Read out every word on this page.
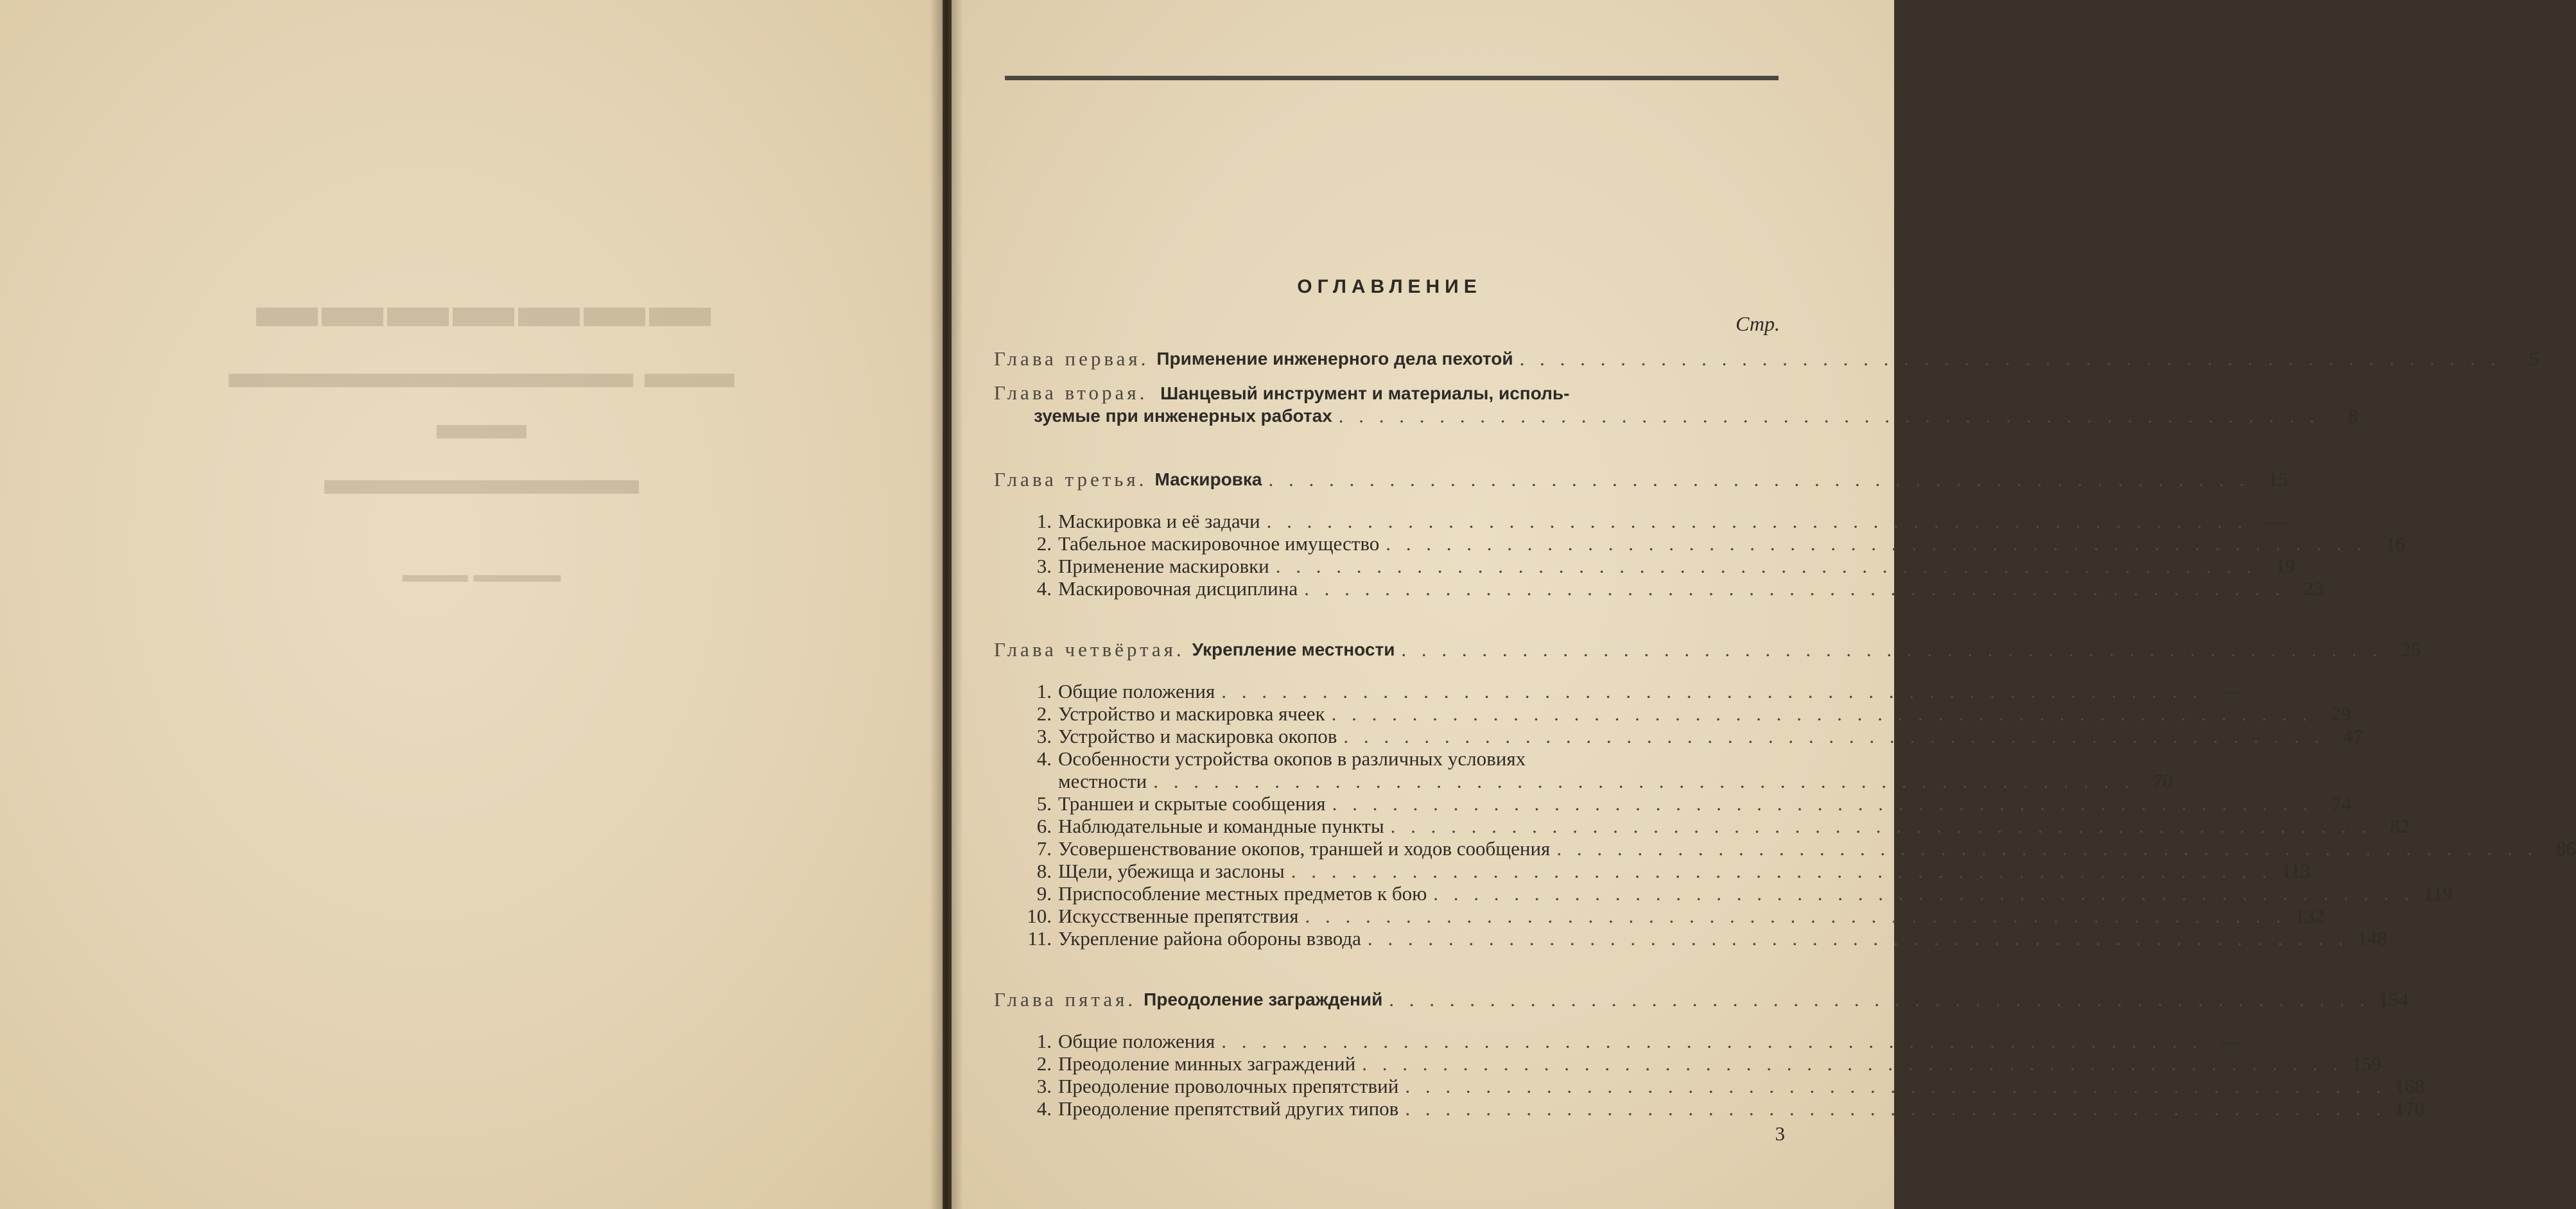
▬▬▬▬▬▬▬
▬▬ ▬▬▬▬▬▬▬▬▬ ▬▬
▬▬▬▬▬▬▬
▬▬▬▬ ▬▬▬
ОГЛАВЛЕНИЕ
Стр.
Глава первая. Применение инженерного дела пехотой . . . . . . . . . . . . . . . . . . . . . . . . . . . . . . . . . . . . . . . . . . . . . . . . .	5
Глава вторая. Шанцевый инструмент и материалы, исполь-
зуемые при инженерных работах . . . . . . . . . . . . . . . . . . . . . . . . . . . . . . . . . . . . . . . . . . . . . . . . .	8
Глава третья. Маскировка . . . . . . . . . . . . . . . . . . . . . . . . . . . . . . . . . . . . . . . . . . . . . . . . . 15
1. Маскировка и её задачи . . . . . . . . . . . . . . . . . . . . . . . . . . . . . . . . . . . . . . . . . . . . . . . . . —
2. Табельное маскировочное имущество . . . . . . . . . . . . . . . . . . . . . . . . . . . . . . . . . . . . . . . . . . . . . . . . . 16
3. Применение маскировки . . . . . . . . . . . . . . . . . . . . . . . . . . . . . . . . . . . . . . . . . . . . . . . . . 19
4. Маскировочная дисциплина . . . . . . . . . . . . . . . . . . . . . . . . . . . . . . . . . . . . . . . . . . . . . . . . . 23
Глава четвёртая. Укрепление местности . . . . . . . . . . . . . . . . . . . . . . . . . . . . . . . . . . . . . . . . . . . . . . . . . 25
1. Общие положения . . . . . . . . . . . . . . . . . . . . . . . . . . . . . . . . . . . . . . . . . . . . . . . . . —
2. Устройство и маскировка ячеек . . . . . . . . . . . . . . . . . . . . . . . . . . . . . . . . . . . . . . . . . . . . . . . . . 29
3. Устройство и маскировка окопов . . . . . . . . . . . . . . . . . . . . . . . . . . . . . . . . . . . . . . . . . . . . . . . . . 47
4. Особенности устройства окопов в различных условиях
местности . . . . . . . . . . . . . . . . . . . . . . . . . . . . . . . . . . . . . . . . . . . . . . . . . 70
5. Траншеи и скрытые сообщения . . . . . . . . . . . . . . . . . . . . . . . . . . . . . . . . . . . . . . . . . . . . . . . . . 74
6. Наблюдательные и командные пункты . . . . . . . . . . . . . . . . . . . . . . . . . . . . . . . . . . . . . . . . . . . . . . . . . 82
7. Усовершенствование окопов, траншей и ходов сообщения . . . . . . . . . . . . . . . . . . . . . . . . . . . . . . . . . . . . . . . . . . . . . . . . . 86
8. Щели, убежища и заслоны . . . . . . . . . . . . . . . . . . . . . . . . . . . . . . . . . . . . . . . . . . . . . . . . . 113
9. Приспособление местных предметов к бою . . . . . . . . . . . . . . . . . . . . . . . . . . . . . . . . . . . . . . . . . . . . . . . . . 119
10. Искусственные препятствия . . . . . . . . . . . . . . . . . . . . . . . . . . . . . . . . . . . . . . . . . . . . . . . . . 132
11. Укрепление района обороны взвода . . . . . . . . . . . . . . . . . . . . . . . . . . . . . . . . . . . . . . . . . . . . . . . . . 148
Глава пятая. Преодоление заграждений . . . . . . . . . . . . . . . . . . . . . . . . . . . . . . . . . . . . . . . . . . . . . . . . . 154
1. Общие положения . . . . . . . . . . . . . . . . . . . . . . . . . . . . . . . . . . . . . . . . . . . . . . . . . —
2. Преодоление минных заграждений . . . . . . . . . . . . . . . . . . . . . . . . . . . . . . . . . . . . . . . . . . . . . . . . . 159
3. Преодоление проволочных препятствий . . . . . . . . . . . . . . . . . . . . . . . . . . . . . . . . . . . . . . . . . . . . . . . . . 168
4. Преодоление препятствий других типов . . . . . . . . . . . . . . . . . . . . . . . . . . . . . . . . . . . . . . . . . . . . . . . . . 170
3
